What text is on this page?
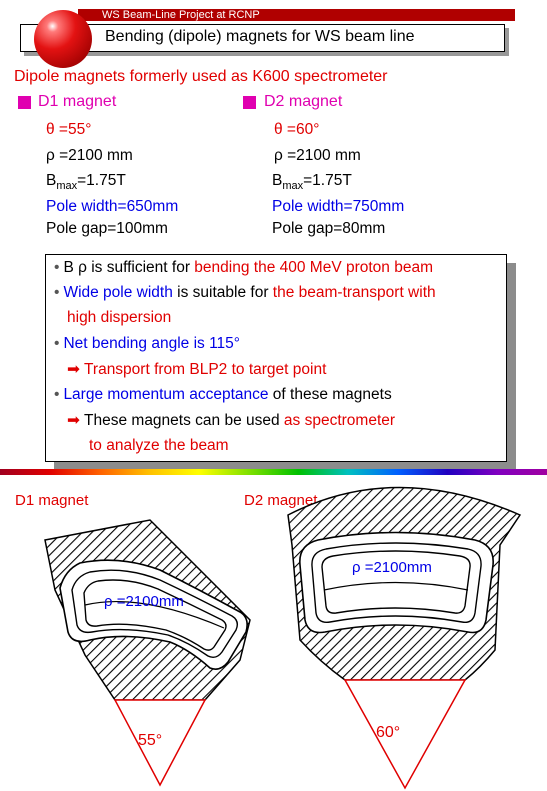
WS Beam-Line Project at RCNP
Bending (dipole) magnets for WS beam line
Dipole magnets formerly used as K600 spectrometer
D1 magnet
θ =55°
ρ =2100 mm
$B_{max}=1.75T$
Pole width=650mm
Pole gap=100mm
D2 magnet
θ =60°
ρ =2100 mm
$B_{max}=1.75T$
Pole width=750mm
Pole gap=80mm
• B ρ is sufficient for bending the 400 MeV proton beam
• Wide pole width is suitable for the beam-transport with
high dispersion
• Net bending angle is 115°
➡ Transport from BLP2 to target point
• Large momentum acceptance of these magnets
➡ These magnets can be used as spectrometer
to analyze the beam
D1 magnet	D2 magnet
55°
ρ =2100mm
60°
ρ =2100mm
